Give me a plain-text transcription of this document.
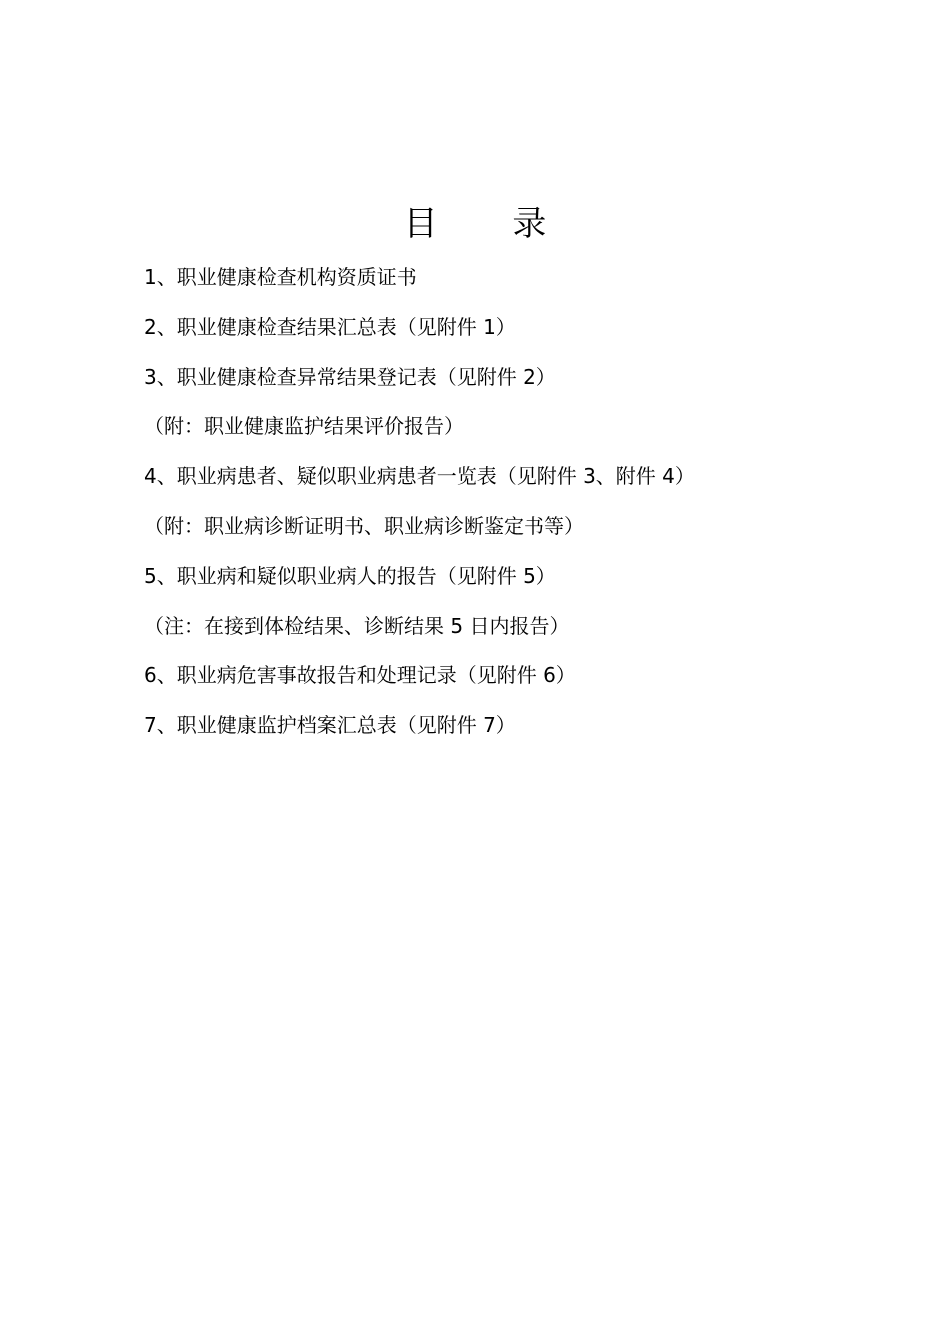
目 录
1、职业健康检查机构资质证书
2、职业健康检查结果汇总表（见附件 1）
3、职业健康检查异常结果登记表（见附件 2）
（附：职业健康监护结果评价报告）
4、职业病患者、疑似职业病患者一览表（见附件 3、附件 4）
（附：职业病诊断证明书、职业病诊断鉴定书等）
5、职业病和疑似职业病人的报告（见附件 5）
（注：在接到体检结果、诊断结果 5 日内报告）
6、职业病危害事故报告和处理记录（见附件 6）
7、职业健康监护档案汇总表（见附件 7）
